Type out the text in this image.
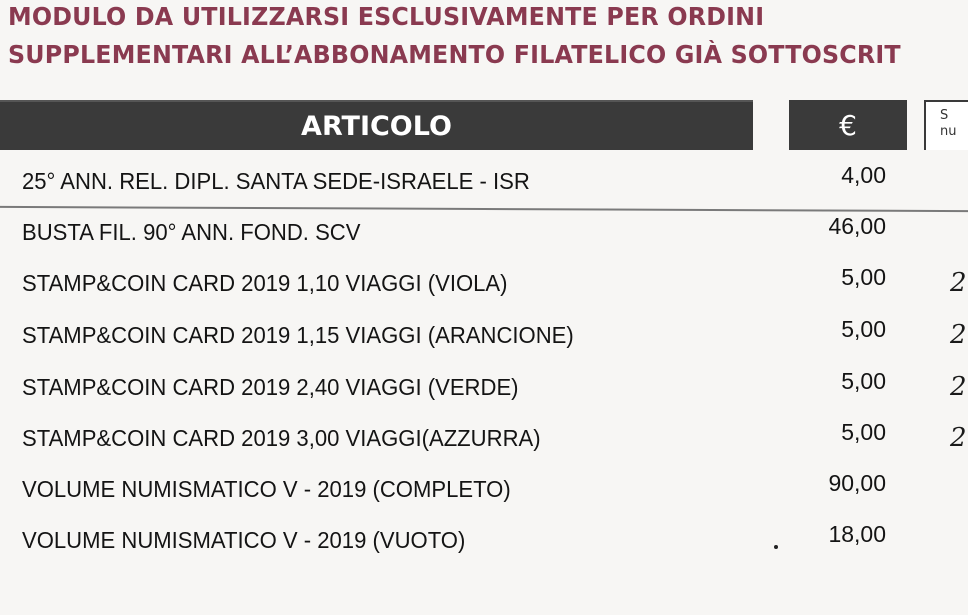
MODULO DA UTILIZZARSI ESCLUSIVAMENTE PER ORDINI
SUPPLEMENTARI ALL’ABBONAMENTO FILATELICO GIÀ SOTTOSCRIT
ARTICOLO	€	S
nu
25° ANN. REL. DIPL. SANTA SEDE-ISRAELE - ISR	4,00
BUSTA FIL. 90° ANN. FOND. SCV	46,00
STAMP&COIN CARD 2019 1,10 VIAGGI (VIOLA)	5,00 2
STAMP&COIN CARD 2019 1,15 VIAGGI (ARANCIONE)	5,00 2
STAMP&COIN CARD 2019 2,40 VIAGGI (VERDE)	5,00 2
STAMP&COIN CARD 2019 3,00 VIAGGI(AZZURRA)	5,00 2
VOLUME NUMISMATICO V - 2019 (COMPLETO)	90,00
VOLUME NUMISMATICO V - 2019 (VUOTO)	18,00
